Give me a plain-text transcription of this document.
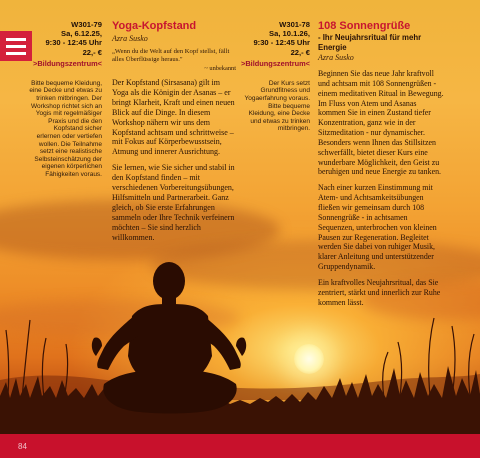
W301-79
Sa, 6.12.25,
9:30 - 12:45 Uhr
22,- €
>Bildungszentrum<
Bitte bequeme Kleidung, eine Decke und etwas zu trinken mitbringen. Der Workshop richtet sich an Yogis mit regelmäßiger Praxis und die den Kopfstand sicher erlernen oder vertiefen wollen. Die Teilnahme setzt eine realistische Selbsteinschätzung der eigenen körperlichen Fähigkeiten voraus.
Yoga-Kopfstand
Azra Susko
„Wenn du die Welt auf den Kopf stellst, fällt alles Überflüssige heraus."
~ unbekannt

Der Kopfstand (Sirsasana) gilt im Yoga als die Königin der Asanas – er bringt Klarheit, Kraft und einen neuen Blick auf die Dinge. In diesem Workshop nähern wir uns dem Kopfstand achtsam und schrittweise – mit Fokus auf Körperbewusstsein, Atmung und innerer Ausrichtung.

Sie lernen, wie Sie sicher und stabil in den Kopfstand finden – mit verschiedenen Vorbereitungsübungen, Hilfsmitteln und Partnerarbeit. Ganz gleich, ob Sie erste Erfahrungen sammeln oder Ihre Technik verfeinern möchten – Sie sind herzlich willkommen.

W301-78
Sa, 10.1.26,
9:30 - 12:45 Uhr
22,- €
>Bildungszentrum<
Der Kurs setzt Grundfitness und Yogaerfahrung voraus. Bitte bequeme Kleidung, eine Decke und etwas zu trinken mitbringen.
108 Sonnengrüße
- Ihr Neujahrsritual für mehr Energie
Azra Susko

Beginnen Sie das neue Jahr kraftvoll und achtsam mit 108 Sonnengrüßen - einem meditativen Ritual in Bewegung. Im Fluss von Atem und Asanas kommen Sie in einen Zustand tiefer Konzentration, ganz wie in der Sitzmeditation - nur dynamischer. Besonders wenn Ihnen das Stillsitzen schwerfällt, bietet dieser Kurs eine wunderbare Möglichkeit, den Geist zu beruhigen und neue Energie zu tanken.

Nach einer kurzen Einstimmung mit Atem- und Achtsamkeitsübungen fließen wir gemeinsam durch 108 Sonnengrüße - in achtsamen Sequenzen, unterbrochen von kleinen Pausen zur Regeneration. Begleitet werden Sie dabei von ruhiger Musik, klarer Anleitung und unterstützender Gruppendynamik.

Ein kraftvolles Neujahrsritual, das Sie zentriert, stärkt und innerlich zur Ruhe kommen lässt.

84
